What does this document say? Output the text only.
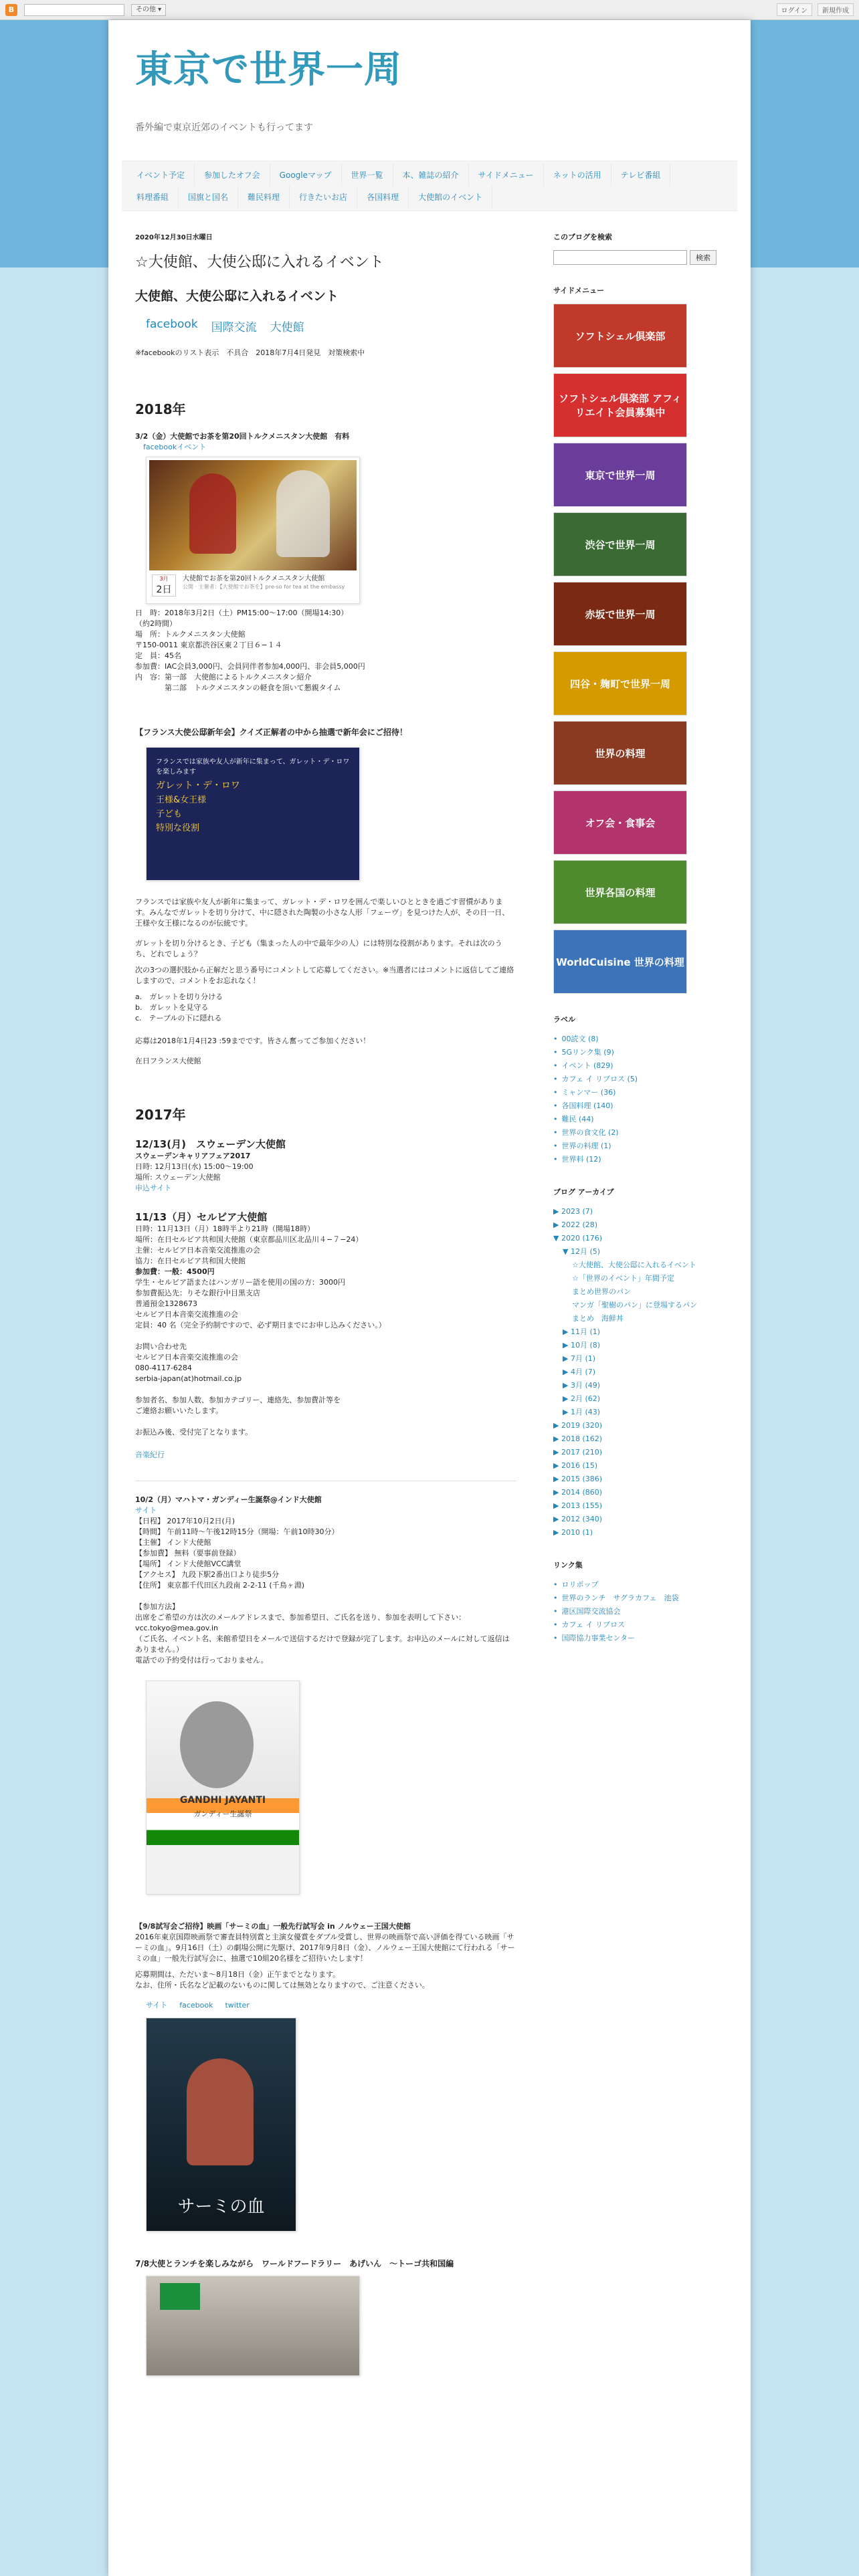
B	その他 ▾	ログイン	新規作成
東京で世界一周
番外編で東京近郊のイベントも行ってます
イベント予定	参加したオフ会	Googleマップ	世界一覧	本、雑誌の紹介	サイドメニュー	ネットの活用	テレビ番組
料理番組	国旗と国名	難民料理	行きたいお店	各国料理	大使館のイベント
2020年12月30日水曜日
☆大使館、大使公邸に入れるイベント
大使館、大使公邸に入れるイベント
facebook 国際交流 大使館

※facebookのリスト表示　不具合　2018年7月4日発見　対策検索中

2018年

3/2（金）大使館でお茶を第20回トルクメニスタン大使館　有料

facebookイベント
3月
2日
大使館でお茶を第20回トルクメニスタン大使館
公開 · 主催者：【大使館でお茶を】pre-so for tea at the embassy
日　時：2018年3月2日（土）PM15:00〜17:00（開場14:30）
（約2時間）
場　所：トルクメニスタン大使館
〒150-0011 東京都渋谷区東２丁目６−１４
定　員：45名
参加費：IAC会員3,000円、会員同伴者参加4,000円、非会員5,000円
内　容：第一部　大使館によるトルクメニスタン紹介
　　　　第二部　トルクメニスタンの軽食を頂いて懇親タイム

【フランス大使公邸新年会】クイズ正解者の中から抽選で新年会にご招待！

フランスでは家族や友人が新年に集まって、ガレット・デ・ロワを楽しみます
ガレット・デ・ロワ
王様&女王様
子ども
特別な役割

フランスでは家族や友人が新年に集まって、ガレット・デ・ロワを囲んで楽しいひとときを過ごす習慣があります。みんなでガレットを切り分けて、中に隠された陶製の小さな人形「フェーヴ」を見つけた人が、その日一日、王様や女王様になるのが伝統です。

ガレットを切り分けるとき、子ども（集まった人の中で最年少の人）には特別な役割があります。それは次のうち、どれでしょう？

次の3つの選択肢から正解だと思う番号にコメントして応募してください。※当選者にはコメントに返信してご連絡しますので、コメントをお忘れなく！

a.　ガレットを切り分ける
b.　ガレットを見守る
c.　テーブルの下に隠れる

応募は2018年1月4日23 :59までです。皆さん奮ってご参加ください！

在日フランス大使館

2017年
12/13(月)　スウェーデン大使館

スウェーデンキャリアフェア2017

日時: 12月13日(水) 15:00〜19:00
場所: スウェーデン大使館
申込サイト
11/13（月）セルビア大使館
日時：11月13日（月）18時半より21時（開場18時）
場所：在日セルビア共和国大使館（東京都品川区北品川４−７−24）
主催：セルビア日本音楽交流推進の会
協力：在日セルビア共和国大使館
参加費：一般：4500円
学生・セルビア語またはハンガリー語を使用の国の方：3000円
参加費振込先：りそな銀行中目黒支店
普通預金1328673
セルビア日本音楽交流推進の会
定員：40 名（完全予約制ですので、必ず期日までにお申し込みください。）
お問い合わせ先
セルビア日本音楽交流推進の会
080-4117-6284
serbia-japan(at)hotmail.co.jp
参加者名、参加人数、参加カテゴリー、連絡先、参加費計等を
ご連絡お願いいたします。
お振込み後、受付完了となります。
音楽紀行

10/2（月）マハトマ・ガンディー生誕祭@インド大使館

サイト
【日程】 2017年10月2日(月)
【時間】 午前11時〜午後12時15分（開場：午前10時30分）
【主催】 インド大使館
【参加費】 無料（要事前登録）
【場所】 インド大使館VCC講堂
【アクセス】 九段下駅2番出口より徒歩5分
【住所】 東京都千代田区九段南 2-2-11 (千鳥ヶ淵)
【参加方法】
出席をご希望の方は次のメールアドレスまで、参加希望日、ご氏名を送り、参加を表明して下さい：　vcc.tokyo@mea.gov.in
（ご氏名、イベント名、来館希望日をメールで送信するだけで登録が完了します。お申込のメールに対して返信はありません。）
電話での予約受付は行っておりません。
GANDHI JAYANTI
ガンディー生誕祭

【9/8試写会ご招待】映画「サーミの血」一般先行試写会 in ノルウェー王国大使館

2016年東京国際映画祭で審査員特別賞と主演女優賞をダブル受賞し、世界の映画祭で高い評価を得ている映画「サーミの血」。9月16日（土）の劇場公開に先駆け、2017年9月8日（金）、ノルウェー王国大使館にて行われる「サーミの血」一般先行試写会に、抽選で10組20名様をご招待いたします！

応募期間は、ただいま〜8月18日（金）正午までとなります。
なお、住所・氏名など記載のないものに関しては無効となりますので、ご注意ください。
サイト facebook twitter
サーミの血

7/8大使とランチを楽しみながら　ワールドフードラリー　あげいん　〜トーゴ共和国編

このブログを検索
検索
サイドメニュー
ソフトシェル倶楽部
ソフトシェル倶楽部 アフィリエイト会員募集中
東京で世界一周
渋谷で世界一周
赤坂で世界一周
四谷・麹町で世界一周
世界の料理
オフ会・食事会
世界各国の料理
WorldCuisine 世界の料理
ラベル
• 00読文 (8)
• 5Gリンク集 (9)
• イベント (829)
• カフェ イ リブロス (5)
• ミャンマー (36)
• 各国料理 (140)
• 難民 (44)
• 世界の食文化 (2)
• 世界の料理 (1)
• 世界料 (12)
ブログ アーカイブ
▶ 2023 (7)
▶ 2022 (28)
▼ 2020 (176)
▼ 12月 (5)
☆大使館、大使公邸に入れるイベント
☆「世界のイベント」年間予定
まとめ世界のパン
マンガ「聖樹のパン」に登場するパン
まとめ　海鮮丼
▶ 11月 (1)
▶ 10月 (8)
▶ 7月 (1)
▶ 4月 (7)
▶ 3月 (49)
▶ 2月 (62)
▶ 1月 (43)
▶ 2019 (320)
▶ 2018 (162)
▶ 2017 (210)
▶ 2016 (15)
▶ 2015 (386)
▶ 2014 (860)
▶ 2013 (155)
▶ 2012 (340)
▶ 2010 (1)
リンク集
• ロリポップ
• 世界のランチ　サグラカフェ　池袋
• 港区国際交流協会
• カフェ イ リブロス
• 国際協力事業センター
